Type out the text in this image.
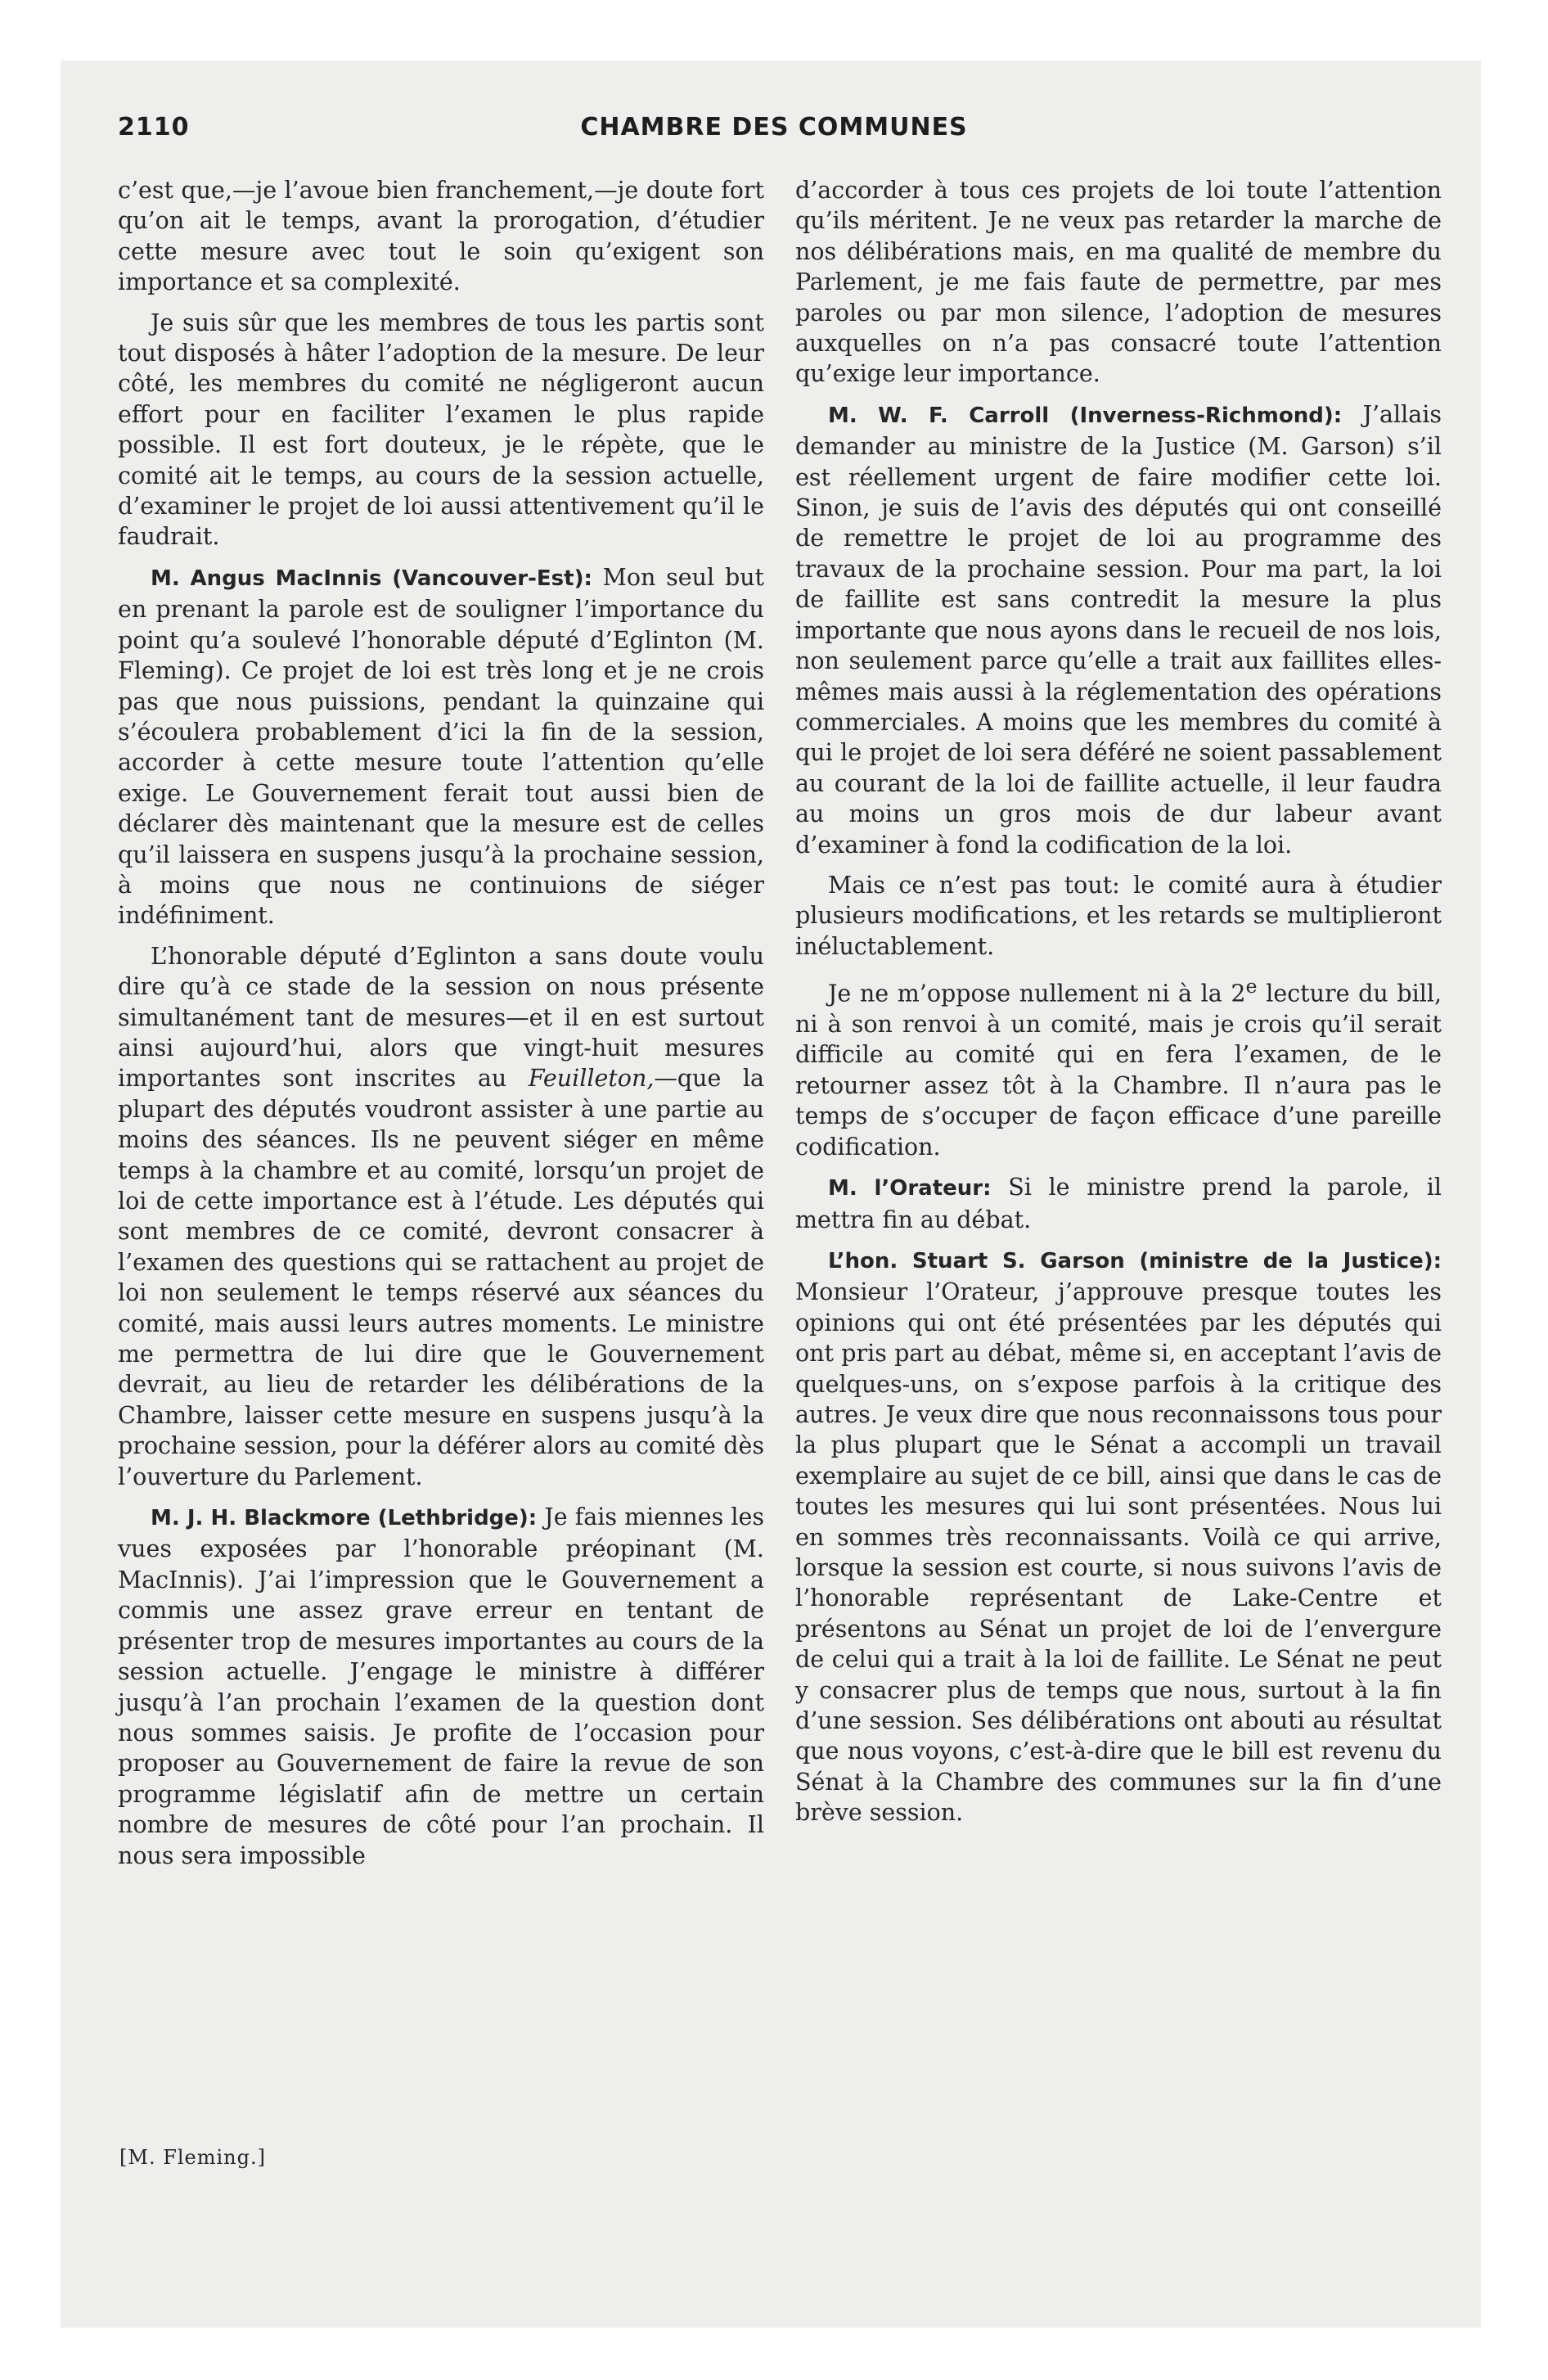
2110	CHAMBRE DES COMMUNES

c’est que,—je l’avoue bien franchement,—je doute fort qu’on ait le temps, avant la prorogation, d’étudier cette mesure avec tout le soin qu’exigent son importance et sa complexité.

Je suis sûr que les membres de tous les partis sont tout disposés à hâter l’adoption de la mesure. De leur côté, les membres du comité ne négligeront aucun effort pour en faciliter l’examen le plus rapide possible. Il est fort douteux, je le répète, que le comité ait le temps, au cours de la session actuelle, d’examiner le projet de loi aussi attentivement qu’il le faudrait.

M. Angus MacInnis (Vancouver-Est): Mon seul but en prenant la parole est de souligner l’importance du point qu’a soulevé l’honorable député d’Eglinton (M. Fleming). Ce projet de loi est très long et je ne crois pas que nous puissions, pendant la quinzaine qui s’écoulera probablement d’ici la fin de la session, accorder à cette mesure toute l’attention qu’elle exige. Le Gouvernement ferait tout aussi bien de déclarer dès maintenant que la mesure est de celles qu’il laissera en suspens jusqu’à la prochaine session, à moins que nous ne continuions de siéger indéfiniment.

L’honorable député d’Eglinton a sans doute voulu dire qu’à ce stade de la session on nous présente simultanément tant de mesures—et il en est surtout ainsi aujourd’hui, alors que vingt-huit mesures importantes sont inscrites au Feuilleton,—que la plupart des députés voudront assister à une partie au moins des séances. Ils ne peuvent siéger en même temps à la chambre et au comité, lorsqu’un projet de loi de cette importance est à l’étude. Les députés qui sont membres de ce comité, devront consacrer à l’examen des questions qui se rattachent au projet de loi non seulement le temps réservé aux séances du comité, mais aussi leurs autres moments. Le ministre me permettra de lui dire que le Gouvernement devrait, au lieu de retarder les délibérations de la Chambre, laisser cette mesure en suspens jusqu’à la prochaine session, pour la déférer alors au comité dès l’ouverture du Parlement.

M. J. H. Blackmore (Lethbridge): Je fais miennes les vues exposées par l’honorable préopinant (M. MacInnis). J’ai l’impression que le Gouvernement a commis une assez grave erreur en tentant de présenter trop de mesures importantes au cours de la session actuelle. J’engage le ministre à différer jusqu’à l’an prochain l’examen de la question dont nous sommes saisis. Je profite de l’occasion pour proposer au Gouvernement de faire la revue de son programme législatif afin de mettre un certain nombre de mesures de côté pour l’an prochain. Il nous sera impossible

d’accorder à tous ces projets de loi toute l’attention qu’ils méritent. Je ne veux pas retarder la marche de nos délibérations mais, en ma qualité de membre du Parlement, je me fais faute de permettre, par mes paroles ou par mon silence, l’adoption de mesures auxquelles on n’a pas consacré toute l’attention qu’exige leur importance.

M. W. F. Carroll (Inverness-Richmond): J’allais demander au ministre de la Justice (M. Garson) s’il est réellement urgent de faire modifier cette loi. Sinon, je suis de l’avis des députés qui ont conseillé de remettre le projet de loi au programme des travaux de la prochaine session. Pour ma part, la loi de faillite est sans contredit la mesure la plus importante que nous ayons dans le recueil de nos lois, non seulement parce qu’elle a trait aux faillites elles-mêmes mais aussi à la réglementation des opérations commerciales. A moins que les membres du comité à qui le projet de loi sera déféré ne soient passablement au courant de la loi de faillite actuelle, il leur faudra au moins un gros mois de dur labeur avant d’examiner à fond la codification de la loi.

Mais ce n’est pas tout: le comité aura à étudier plusieurs modifications, et les retards se multiplieront inéluctablement.

Je ne m’oppose nullement ni à la 2e lecture du bill, ni à son renvoi à un comité, mais je crois qu’il serait difficile au comité qui en fera l’examen, de le retourner assez tôt à la Chambre. Il n’aura pas le temps de s’occuper de façon efficace d’une pareille codification.

M. l’Orateur: Si le ministre prend la parole, il mettra fin au débat.

L’hon. Stuart S. Garson (ministre de la Justice): Monsieur l’Orateur, j’approuve presque toutes les opinions qui ont été présentées par les députés qui ont pris part au débat, même si, en acceptant l’avis de quelques-uns, on s’expose parfois à la critique des autres. Je veux dire que nous reconnaissons tous pour la plus plupart que le Sénat a accompli un travail exemplaire au sujet de ce bill, ainsi que dans le cas de toutes les mesures qui lui sont présentées. Nous lui en sommes très reconnaissants. Voilà ce qui arrive, lorsque la session est courte, si nous suivons l’avis de l’honorable représentant de Lake-Centre et présentons au Sénat un projet de loi de l’envergure de celui qui a trait à la loi de faillite. Le Sénat ne peut y consacrer plus de temps que nous, surtout à la fin d’une session. Ses délibérations ont abouti au résultat que nous voyons, c’est-à-dire que le bill est revenu du Sénat à la Chambre des communes sur la fin d’une brève session.

[M. Fleming.]
